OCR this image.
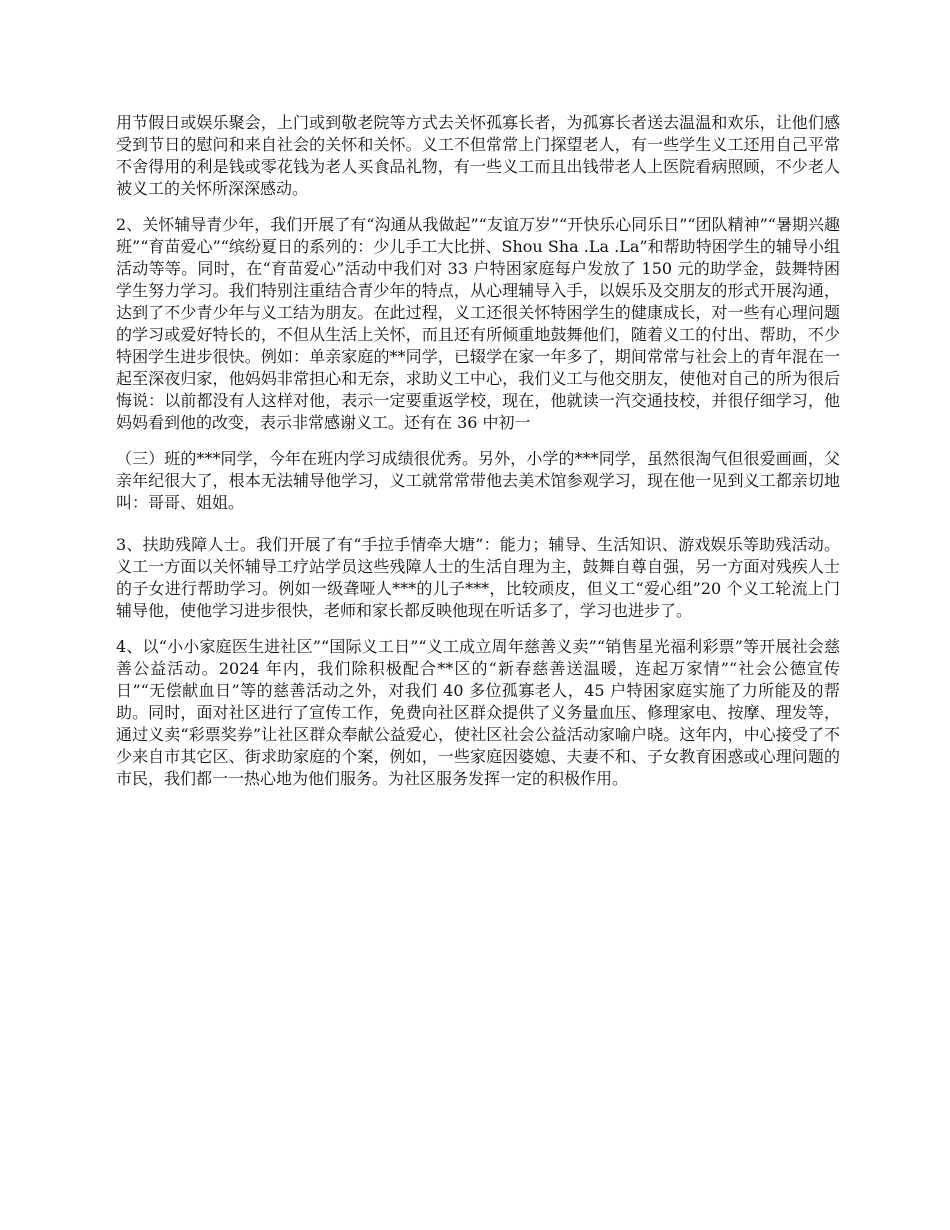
用节假日或娱乐聚会，上门或到敬老院等方式去关怀孤寡长者，为孤寡长者送去温温和欢乐，让他们感受到节日的慰问和来自社会的关怀和关怀。义工不但常常上门探望老人，有一些学生义工还用自己平常不舍得用的利是钱或零花钱为老人买食品礼物，有一些义工而且出钱带老人上医院看病照顾，不少老人被义工的关怀所深深感动。

2、关怀辅导青少年，我们开展了有“沟通从我做起”“友谊万岁”“开快乐心同乐日”“团队精神”“暑期兴趣班”“育苗爱心”“缤纷夏日的系列的：少儿手工大比拼、Shou Sha .La .La”和帮助特困学生的辅导小组活动等等。同时，在“育苗爱心”活动中我们对 33 户特困家庭每户发放了 150 元的助学金，鼓舞特困学生努力学习。我们特别注重结合青少年的特点，从心理辅导入手，以娱乐及交朋友的形式开展沟通，达到了不少青少年与义工结为朋友。在此过程，义工还很关怀特困学生的健康成长，对一些有心理问题的学习或爱好特长的，不但从生活上关怀，而且还有所倾重地鼓舞他们，随着义工的付出、帮助，不少特困学生进步很快。例如：单亲家庭的**同学，已辍学在家一年多了，期间常常与社会上的青年混在一起至深夜归家，他妈妈非常担心和无奈，求助义工中心，我们义工与他交朋友，使他对自己的所为很后悔说：以前都没有人这样对他，表示一定要重返学校，现在，他就读一汽交通技校，并很仔细学习，他妈妈看到他的改变，表示非常感谢义工。还有在 36 中初一

（三）班的***同学，今年在班内学习成绩很优秀。另外，小学的***同学，虽然很淘气但很爱画画，父亲年纪很大了，根本无法辅导他学习，义工就常常带他去美术馆参观学习，现在他一见到义工都亲切地叫：哥哥、姐姐。

3、扶助残障人士。我们开展了有“手拉手情牵大塘”：能力；辅导、生活知识、游戏娱乐等助残活动。义工一方面以关怀辅导工疗站学员这些残障人士的生活自理为主，鼓舞自尊自强，另一方面对残疾人士的子女进行帮助学习。例如一级聋哑人***的儿子***，比较顽皮，但义工“爱心组”20 个义工轮流上门辅导他，使他学习进步很快，老师和家长都反映他现在听话多了，学习也进步了。

4、以“小小家庭医生进社区”“国际义工日”“义工成立周年慈善义卖”“销售星光福利彩票”等开展社会慈善公益活动。2024 年内，我们除积极配合**区的“新春慈善送温暖，连起万家情”“社会公德宣传日”“无偿献血日”等的慈善活动之外，对我们 40 多位孤寡老人，45 户特困家庭实施了力所能及的帮助。同时，面对社区进行了宣传工作，免费向社区群众提供了义务量血压、修理家电、按摩、理发等，通过义卖“彩票奖券”让社区群众奉献公益爱心，使社区社会公益活动家喻户晓。这年内，中心接受了不少来自市其它区、街求助家庭的个案，例如，一些家庭因婆媳、夫妻不和、子女教育困惑或心理问题的市民，我们都一一热心地为他们服务。为社区服务发挥一定的积极作用。
